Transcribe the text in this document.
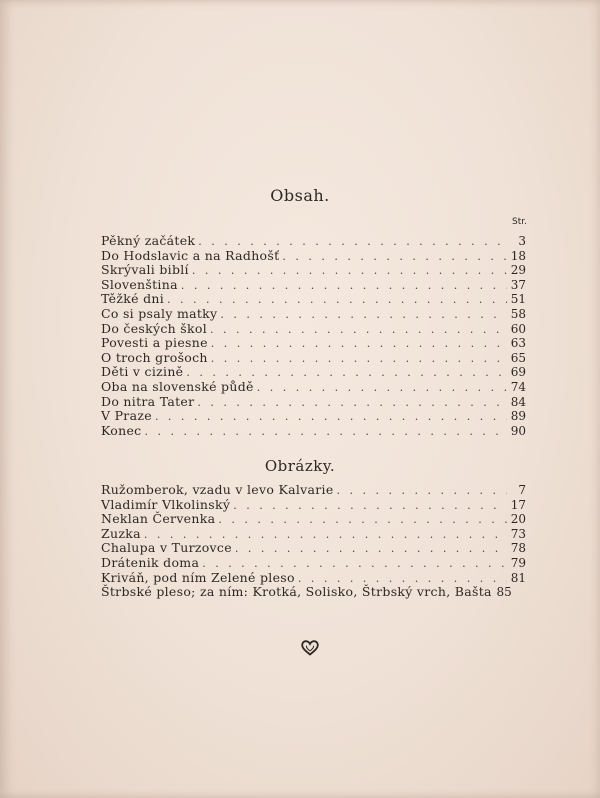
Obsah.
Str.
Pěkný začátek . . .	3
Do Hodslavic a na Radhošť . . .	18
Skrývali biblí . . .	29
Slovenština . . .	37
Těžké dni . . .	51
Co si psaly matky . . .	58
Do českých škol . . .	60
Povesti a piesne . . .	63
O troch grošoch . . .	65
Děti v cizině . . .	69
Oba na slovenské půdě . . .	74
Do nitra Tater . . .	84
V Praze . . .	89
Konec . . .	90
Obrázky.
Ružomberok, vzadu v levo Kalvarie . . .	7
Vladimír Vlkolinský . . .	17
Neklan Červenka . . .	20
Zuzka . . .	73
Chalupa v Turzovce . . .	78
Drátenik doma . . .	79
Kriváň, pod ním Zelené pleso . . .	81
Štrbské pleso; za ním: Krotká, Solisko, Štrbský vrch, Bašta 85
